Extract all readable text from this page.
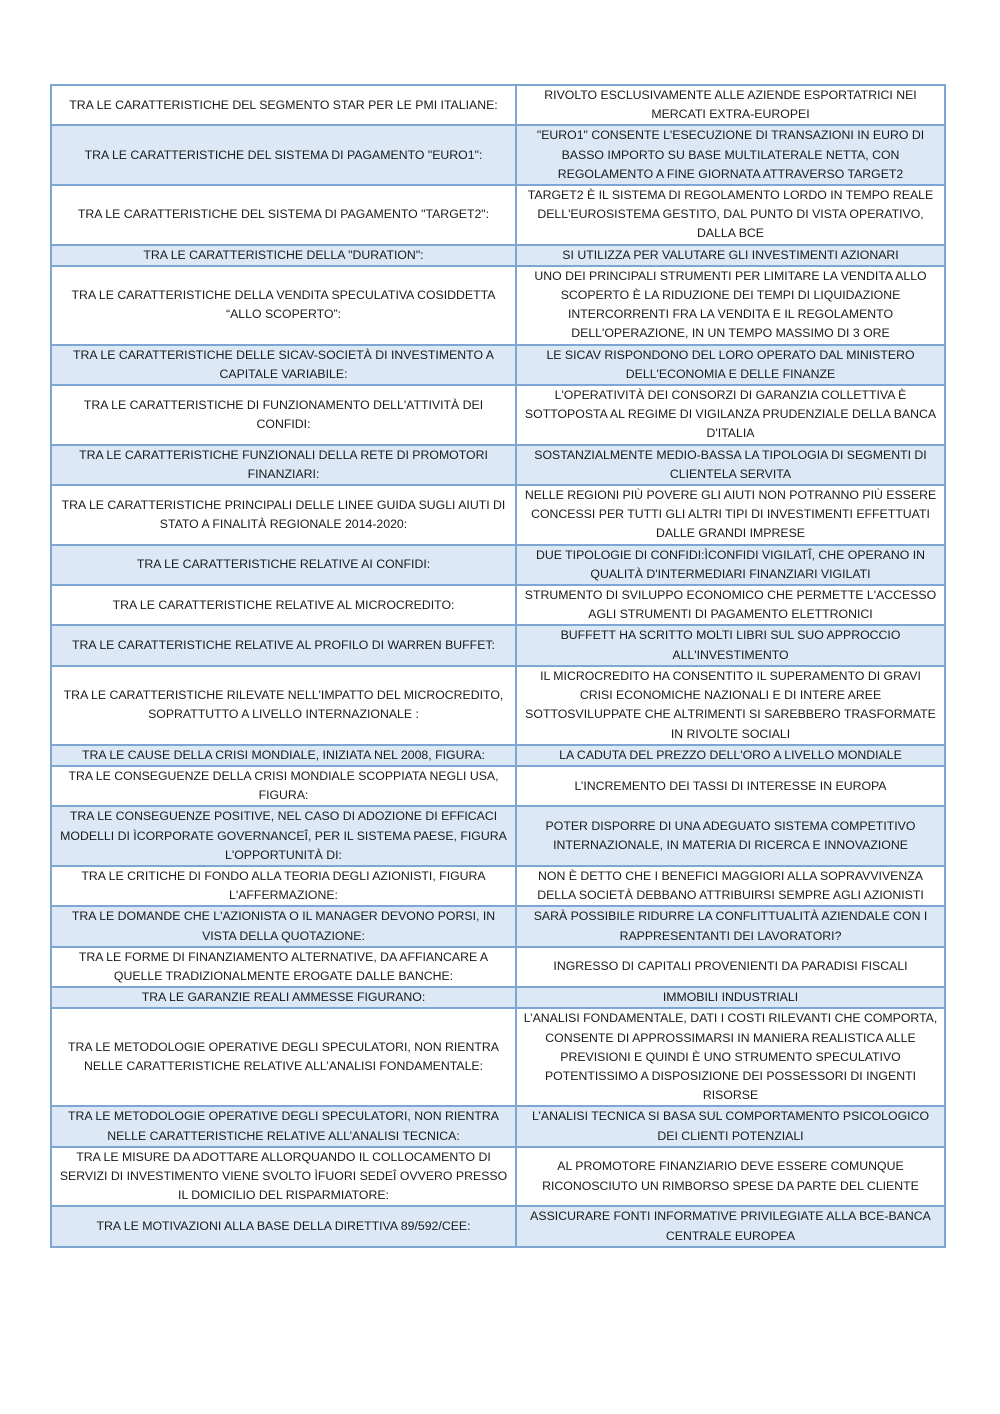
TRA LE CARATTERISTICHE DEL SEGMENTO STAR PER LE PMI ITALIANE:	RIVOLTO ESCLUSIVAMENTE ALLE AZIENDE ESPORTATRICI NEI MERCATI EXTRA-EUROPEI
TRA LE CARATTERISTICHE DEL SISTEMA DI PAGAMENTO "EURO1":	"EURO1" CONSENTE L'ESECUZIONE DI TRANSAZIONI IN EURO DI BASSO IMPORTO SU BASE MULTILATERALE NETTA, CON REGOLAMENTO A FINE GIORNATA ATTRAVERSO TARGET2
TRA LE CARATTERISTICHE DEL SISTEMA DI PAGAMENTO "TARGET2":	TARGET2 È IL SISTEMA DI REGOLAMENTO LORDO IN TEMPO REALE DELL'EUROSISTEMA GESTITO, DAL PUNTO DI VISTA OPERATIVO, DALLA BCE
TRA LE CARATTERISTICHE DELLA "DURATION":	SI UTILIZZA PER VALUTARE GLI INVESTIMENTI AZIONARI
TRA LE CARATTERISTICHE DELLA VENDITA SPECULATIVA COSIDDETTA “ALLO SCOPERTO”:	UNO DEI PRINCIPALI STRUMENTI PER LIMITARE LA VENDITA ALLO SCOPERTO È LA RIDUZIONE DEI TEMPI DI LIQUIDAZIONE INTERCORRENTI FRA LA VENDITA E IL REGOLAMENTO DELL'OPERAZIONE, IN UN TEMPO MASSIMO DI 3 ORE
TRA LE CARATTERISTICHE DELLE SICAV-SOCIETÀ DI INVESTIMENTO A CAPITALE VARIABILE:	LE SICAV RISPONDONO DEL LORO OPERATO DAL MINISTERO DELL'ECONOMIA E DELLE FINANZE
TRA LE CARATTERISTICHE DI FUNZIONAMENTO DELL'ATTIVITÀ DEI CONFIDI:	L'OPERATIVITÀ DEI CONSORZI DI GARANZIA COLLETTIVA È SOTTOPOSTA AL REGIME DI VIGILANZA PRUDENZIALE DELLA BANCA D'ITALIA
TRA LE CARATTERISTICHE FUNZIONALI DELLA RETE DI PROMOTORI FINANZIARI:	SOSTANZIALMENTE MEDIO-BASSA LA TIPOLOGIA DI SEGMENTI DI CLIENTELA SERVITA
TRA LE CARATTERISTICHE PRINCIPALI DELLE LINEE GUIDA SUGLI AIUTI DI STATO A FINALITÀ REGIONALE 2014-2020:	NELLE REGIONI PIÙ POVERE GLI AIUTI NON POTRANNO PIÙ ESSERE CONCESSI PER TUTTI GLI ALTRI TIPI DI INVESTIMENTI EFFETTUATI DALLE GRANDI IMPRESE
TRA LE CARATTERISTICHE RELATIVE AI CONFIDI:	DUE TIPOLOGIE DI CONFIDI:ÌCONFIDI VIGILATÎ, CHE OPERANO IN QUALITÀ D'INTERMEDIARI FINANZIARI VIGILATI
TRA LE CARATTERISTICHE RELATIVE AL MICROCREDITO:	STRUMENTO DI SVILUPPO ECONOMICO CHE PERMETTE L'ACCESSO AGLI STRUMENTI DI PAGAMENTO ELETTRONICI
TRA LE CARATTERISTICHE RELATIVE AL PROFILO DI WARREN BUFFET:	BUFFETT HA SCRITTO MOLTI LIBRI SUL SUO APPROCCIO ALL'INVESTIMENTO
TRA LE CARATTERISTICHE RILEVATE NELL'IMPATTO DEL MICROCREDITO, SOPRATTUTTO A LIVELLO INTERNAZIONALE :	IL MICROCREDITO HA CONSENTITO IL SUPERAMENTO DI GRAVI CRISI ECONOMICHE NAZIONALI E DI INTERE AREE SOTTOSVILUPPATE CHE ALTRIMENTI SI SAREBBERO TRASFORMATE IN RIVOLTE SOCIALI
TRA LE CAUSE DELLA CRISI MONDIALE, INIZIATA NEL 2008, FIGURA:	LA CADUTA DEL PREZZO DELL'ORO A LIVELLO MONDIALE
TRA LE CONSEGUENZE DELLA CRISI MONDIALE SCOPPIATA NEGLI USA, FIGURA:	L’INCREMENTO DEI TASSI DI INTERESSE IN EUROPA
TRA LE CONSEGUENZE POSITIVE, NEL CASO DI ADOZIONE DI EFFICACI MODELLI DI ÌCORPORATE GOVERNANCEÎ, PER IL SISTEMA PAESE, FIGURA L'OPPORTUNITÀ DI:	POTER DISPORRE DI UNA ADEGUATO SISTEMA COMPETITIVO INTERNAZIONALE, IN MATERIA DI RICERCA E INNOVAZIONE
TRA LE CRITICHE DI FONDO ALLA TEORIA DEGLI AZIONISTI, FIGURA L'AFFERMAZIONE:	NON È DETTO CHE I BENEFICI MAGGIORI ALLA SOPRAVVIVENZA DELLA SOCIETÀ DEBBANO ATTRIBUIRSI SEMPRE AGLI AZIONISTI
TRA LE DOMANDE CHE L'AZIONISTA O IL MANAGER DEVONO PORSI, IN VISTA DELLA QUOTAZIONE:	SARÀ POSSIBILE RIDURRE LA CONFLITTUALITÀ AZIENDALE CON I RAPPRESENTANTI DEI LAVORATORI?
TRA LE FORME DI FINANZIAMENTO ALTERNATIVE, DA AFFIANCARE A QUELLE TRADIZIONALMENTE EROGATE DALLE BANCHE:	INGRESSO DI CAPITALI PROVENIENTI DA PARADISI FISCALI
TRA LE GARANZIE REALI AMMESSE FIGURANO:	IMMOBILI INDUSTRIALI
TRA LE METODOLOGIE OPERATIVE DEGLI SPECULATORI, NON RIENTRA NELLE CARATTERISTICHE RELATIVE ALL’ANALISI FONDAMENTALE:	L’ANALISI FONDAMENTALE, DATI I COSTI RILEVANTI CHE COMPORTA, CONSENTE DI APPROSSIMARSI IN MANIERA REALISTICA ALLE PREVISIONI E QUINDI È UNO STRUMENTO SPECULATIVO POTENTISSIMO A DISPOSIZIONE DEI POSSESSORI DI INGENTI RISORSE
TRA LE METODOLOGIE OPERATIVE DEGLI SPECULATORI, NON RIENTRA NELLE CARATTERISTICHE RELATIVE ALL’ANALISI TECNICA:	L’ANALISI TECNICA SI BASA SUL COMPORTAMENTO PSICOLOGICO DEI CLIENTI POTENZIALI
TRA LE MISURE DA ADOTTARE ALLORQUANDO IL COLLOCAMENTO DI SERVIZI DI INVESTIMENTO VIENE SVOLTO ÌFUORI SEDEÎ OVVERO PRESSO IL DOMICILIO DEL RISPARMIATORE:	AL PROMOTORE FINANZIARIO DEVE ESSERE COMUNQUE RICONOSCIUTO UN RIMBORSO SPESE DA PARTE DEL CLIENTE
TRA LE MOTIVAZIONI ALLA BASE DELLA DIRETTIVA 89/592/CEE:	ASSICURARE FONTI INFORMATIVE PRIVILEGIATE ALLA BCE-BANCA CENTRALE EUROPEA
